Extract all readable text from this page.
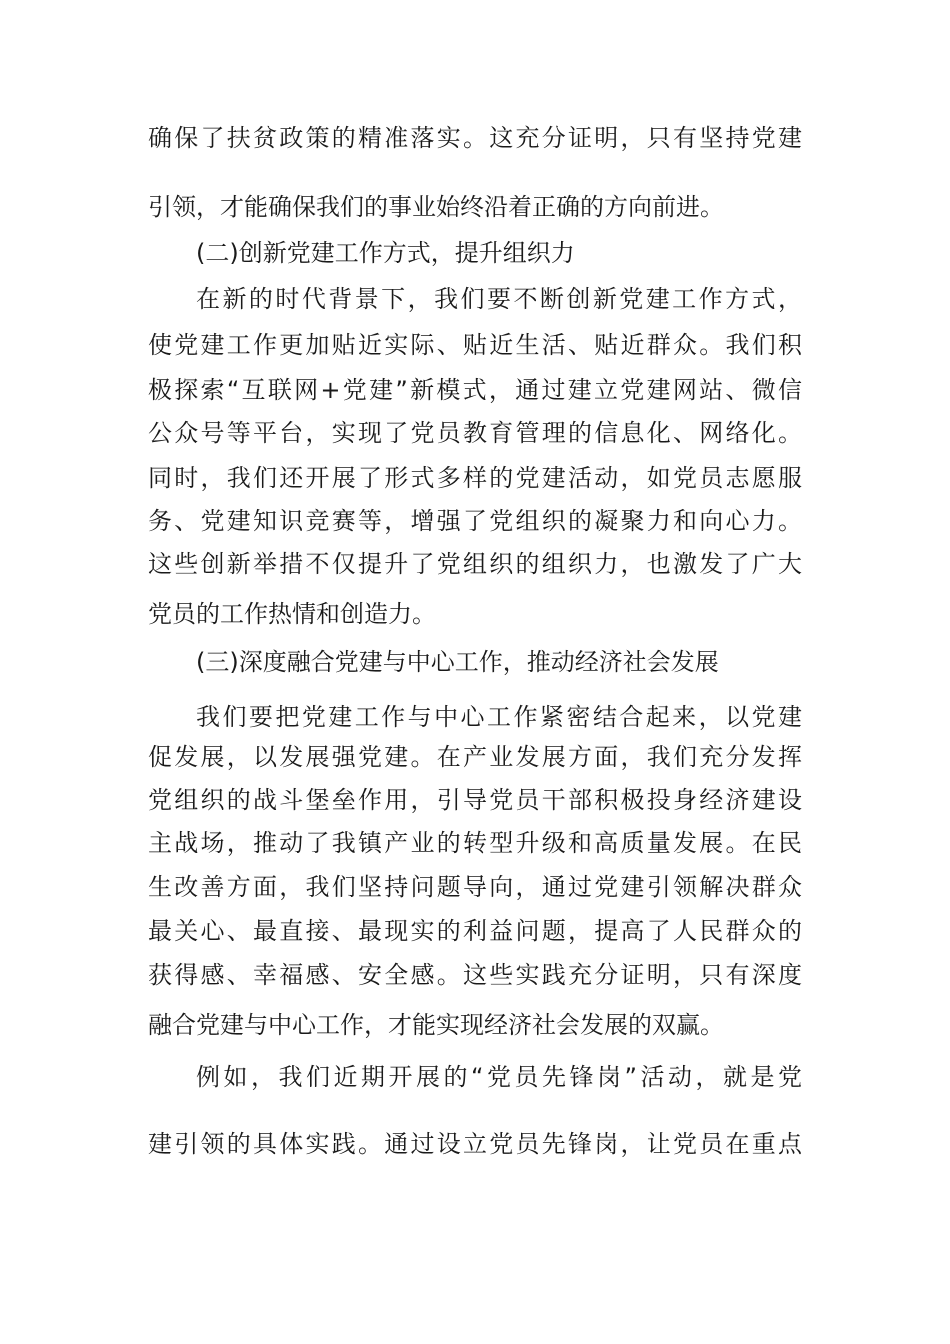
确保了扶贫政策的精准落实。这充分证明，只有坚持党建
引领，才能确保我们的事业始终沿着正确的方向前进。
(二)创新党建工作方式，提升组织力
在新的时代背景下，我们要不断创新党建工作方式，
使党建工作更加贴近实际、贴近生活、贴近群众。我们积
极探索“互联网+党建”新模式，通过建立党建网站、微信
公众号等平台，实现了党员教育管理的信息化、网络化。
同时，我们还开展了形式多样的党建活动，如党员志愿服
务、党建知识竞赛等，增强了党组织的凝聚力和向心力。
这些创新举措不仅提升了党组织的组织力，也激发了广大
党员的工作热情和创造力。
(三)深度融合党建与中心工作，推动经济社会发展
我们要把党建工作与中心工作紧密结合起来，以党建
促发展，以发展强党建。在产业发展方面，我们充分发挥
党组织的战斗堡垒作用，引导党员干部积极投身经济建设
主战场，推动了我镇产业的转型升级和高质量发展。在民
生改善方面，我们坚持问题导向，通过党建引领解决群众
最关心、最直接、最现实的利益问题，提高了人民群众的
获得感、幸福感、安全感。这些实践充分证明，只有深度
融合党建与中心工作，才能实现经济社会发展的双赢。
例如，我们近期开展的“党员先锋岗”活动，就是党
建引领的具体实践。通过设立党员先锋岗，让党员在重点
